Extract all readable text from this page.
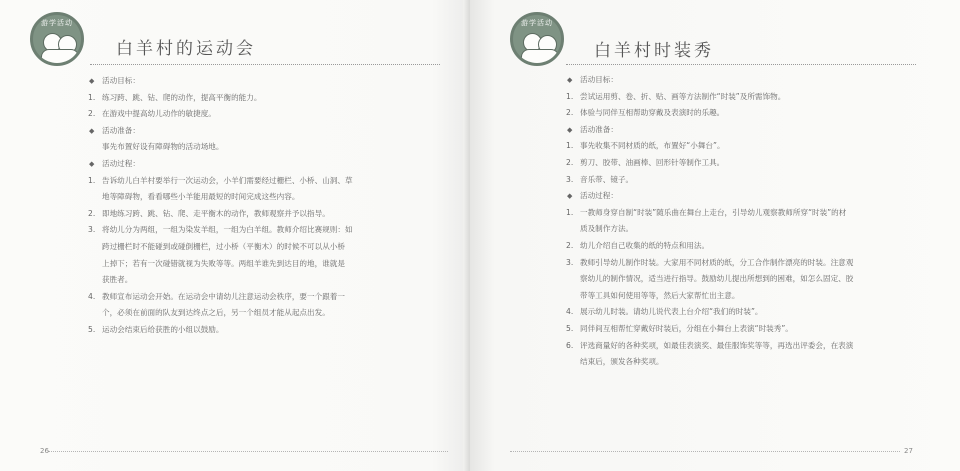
游学活动
白羊村的运动会
◆ 活动目标：
1. 练习跨、跳、钻、爬的动作，提高平衡的能力。
2. 在游戏中提高幼儿动作的敏捷度。
◆ 活动准备：
事先布置好设有障碍物的活动场地。
◆ 活动过程：
1. 告诉幼儿白羊村要举行一次运动会，小羊们需要经过栅栏、小桥、山洞、草
地等障碍物，看看哪些小羊能用最短的时间完成这些内容。
2. 即地练习跨、跳、钻、爬、走平衡木的动作，教师观察并予以指导。
3. 将幼儿分为两组，一组为染发羊组，一组为白羊组。教师介绍比赛规则：如
跨过栅栏时不能碰到或碰倒栅栏，过小桥（平衡木）的时候不可以从小桥
上掉下；若有一次碰错就视为失败等等。两组羊谁先到达目的地，谁就是
获胜者。
4. 教师宣布运动会开始。在运动会中请幼儿注意运动会秩序，要一个跟着一
个，必须在前面的队友到达终点之后，另一个组员才能从起点出发。
5. 运动会结束后给获胜的小组以鼓励。
26
游学活动
白羊村时装秀
◆ 活动目标：
1. 尝试运用剪、卷、折、贴、画等方法制作“时装”及所需饰物。
2. 体验与同伴互相帮助穿戴及表演时的乐趣。
◆ 活动准备：
1. 事先收集不同材质的纸，布置好“小舞台”。
2. 剪刀、胶带、油画棒、回形针等制作工具。
3. 音乐带、镜子。
◆ 活动过程：
1. 一教师身穿自制“时装”随乐曲在舞台上走台，引导幼儿观察教师所穿“时装”的材
质及制作方法。
2. 幼儿介绍自己收集的纸的特点和用法。
3. 教师引导幼儿制作时装。大家用不同材质的纸，分工合作制作漂亮的时装。注意观
察幼儿的制作情况，适当进行指导。鼓励幼儿提出所想到的困难，如怎么固定、胶
带等工具如何使用等等，然后大家帮忙出主意。
4. 展示幼儿时装。请幼儿说代表上台介绍“我们的时装”。
5. 同伴间互相帮忙穿戴好时装后，分组在小舞台上表演“时装秀”。
6. 评选商量好的各种奖项，如最佳表演奖、最佳服饰奖等等，再选出评委会，在表演
结束后，颁发各种奖项。
27
